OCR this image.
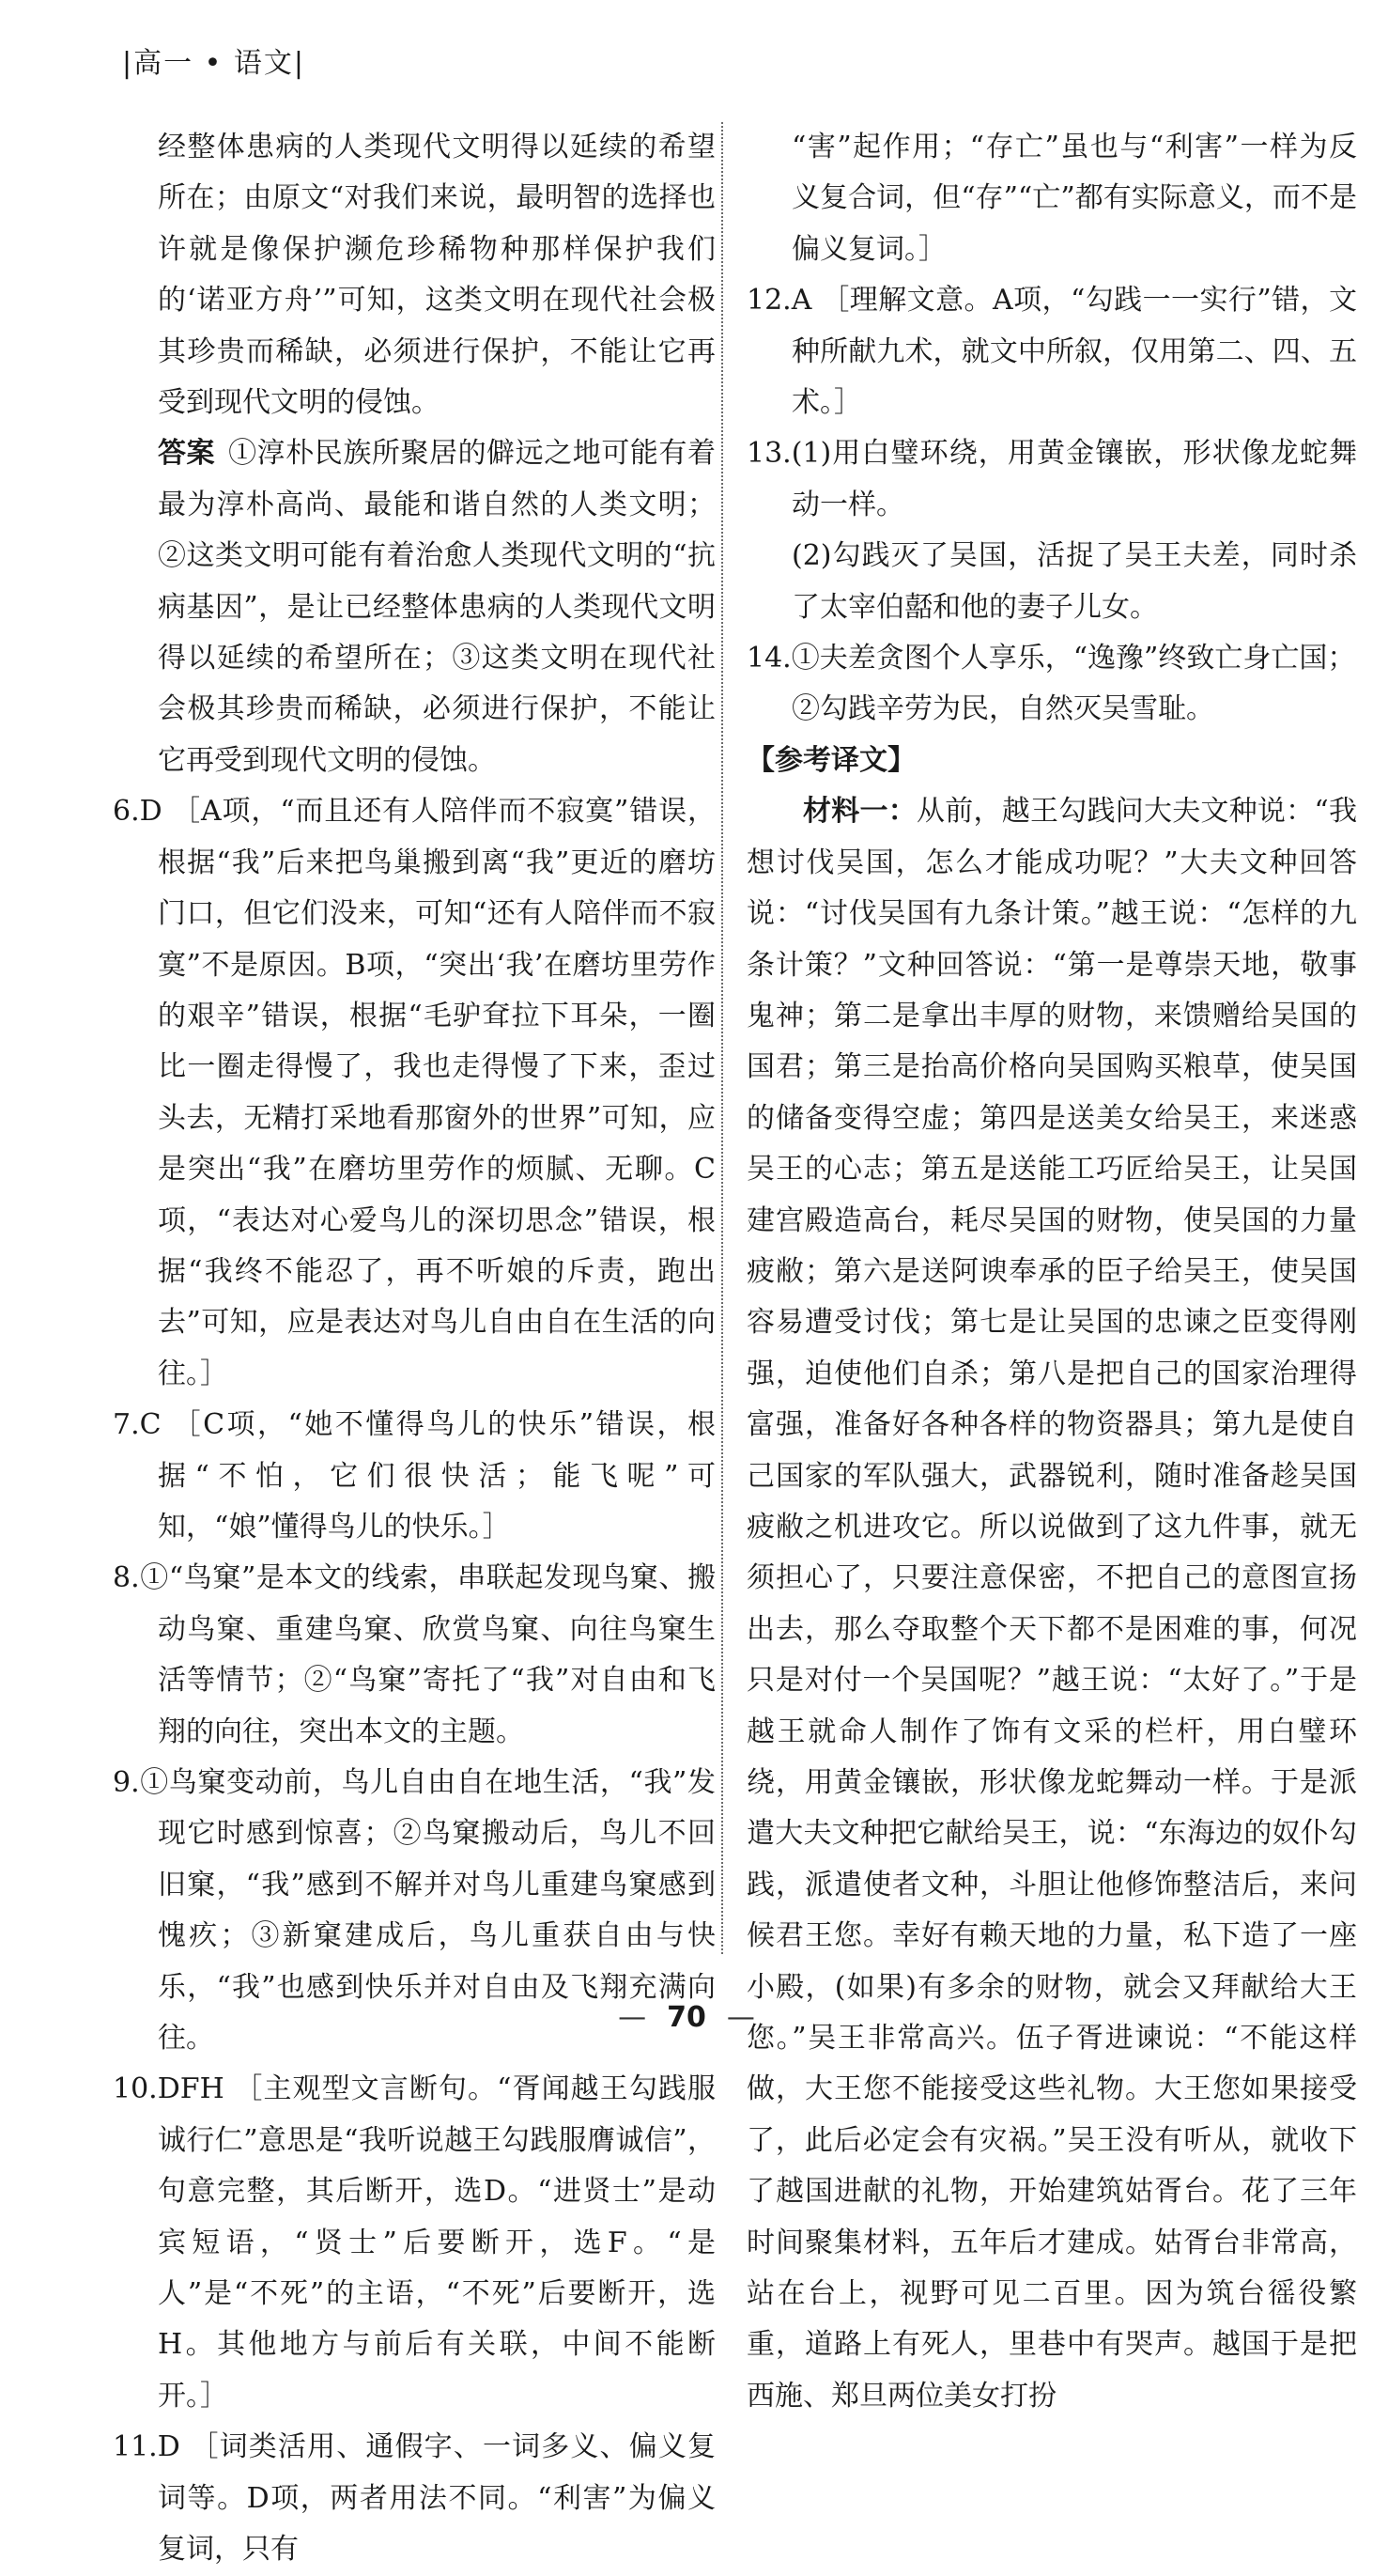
|高一 • 语文|

经整体患病的人类现代文明得以延续的希望所在；由原文“对我们来说，最明智的选择也许就是像保护濒危珍稀物种那样保护我们的‘诺亚方舟’”可知，这类文明在现代社会极其珍贵而稀缺，必须进行保护，不能让它再受到现代文明的侵蚀。

答案 ①淳朴民族所聚居的僻远之地可能有着最为淳朴高尚、最能和谐自然的人类文明；②这类文明可能有着治愈人类现代文明的“抗病基因”，是让已经整体患病的人类现代文明得以延续的希望所在；③这类文明在现代社会极其珍贵而稀缺，必须进行保护，不能让它再受到现代文明的侵蚀。

6.D ［A项，“而且还有人陪伴而不寂寞”错误，根据“我”后来把鸟巢搬到离“我”更近的磨坊门口，但它们没来，可知“还有人陪伴而不寂寞”不是原因。B项，“突出‘我’在磨坊里劳作的艰辛”错误，根据“毛驴耷拉下耳朵，一圈比一圈走得慢了，我也走得慢了下来，歪过头去，无精打采地看那窗外的世界”可知，应是突出“我”在磨坊里劳作的烦腻、无聊。C项，“表达对心爱鸟儿的深切思念”错误，根据“我终不能忍了，再不听娘的斥责，跑出去”可知，应是表达对鸟儿自由自在生活的向往。］

7.C ［C项，“她不懂得鸟儿的快乐”错误，根据“不怕，它们很快活；能飞呢”可知，“娘”懂得鸟儿的快乐。］

8.①“鸟窠”是本文的线索，串联起发现鸟窠、搬动鸟窠、重建鸟窠、欣赏鸟窠、向往鸟窠生活等情节；②“鸟窠”寄托了“我”对自由和飞翔的向往，突出本文的主题。

9.①鸟窠变动前，鸟儿自由自在地生活，“我”发现它时感到惊喜；②鸟窠搬动后，鸟儿不回旧窠，“我”感到不解并对鸟儿重建鸟窠感到愧疚；③新窠建成后，鸟儿重获自由与快乐，“我”也感到快乐并对自由及飞翔充满向往。

10.DFH ［主观型文言断句。“胥闻越王勾践服诚行仁”意思是“我听说越王勾践服膺诚信”，句意完整，其后断开，选D。“进贤士”是动宾短语，“贤士”后要断开，选F。“是人”是“不死”的主语，“不死”后要断开，选H。其他地方与前后有关联，中间不能断开。］

11.D ［词类活用、通假字、一词多义、偏义复词等。D项，两者用法不同。“利害”为偏义复词，只有

“害”起作用；“存亡”虽也与“利害”一样为反义复合词，但“存”“亡”都有实际意义，而不是偏义复词。］

12.A ［理解文意。A项，“勾践一一实行”错，文种所献九术，就文中所叙，仅用第二、四、五术。］

13.(1)用白璧环绕，用黄金镶嵌，形状像龙蛇舞动一样。

(2)勾践灭了吴国，活捉了吴王夫差，同时杀了太宰伯嚭和他的妻子儿女。

14.①夫差贪图个人享乐，“逸豫”终致亡身亡国；

②勾践辛劳为民，自然灭吴雪耻。

【参考译文】

材料一：从前，越王勾践问大夫文种说：“我想讨伐吴国，怎么才能成功呢？”大夫文种回答说：“讨伐吴国有九条计策。”越王说：“怎样的九条计策？”文种回答说：“第一是尊崇天地，敬事鬼神；第二是拿出丰厚的财物，来馈赠给吴国的国君；第三是抬高价格向吴国购买粮草，使吴国的储备变得空虚；第四是送美女给吴王，来迷惑吴王的心志；第五是送能工巧匠给吴王，让吴国建宫殿造高台，耗尽吴国的财物，使吴国的力量疲敝；第六是送阿谀奉承的臣子给吴王，使吴国容易遭受讨伐；第七是让吴国的忠谏之臣变得刚强，迫使他们自杀；第八是把自己的国家治理得富强，准备好各种各样的物资器具；第九是使自己国家的军队强大，武器锐利，随时准备趁吴国疲敝之机进攻它。所以说做到了这九件事，就无须担心了，只要注意保密，不把自己的意图宣扬出去，那么夺取整个天下都不是困难的事，何况只是对付一个吴国呢？”越王说：“太好了。”于是越王就命人制作了饰有文采的栏杆，用白璧环绕，用黄金镶嵌，形状像龙蛇舞动一样。于是派遣大夫文种把它献给吴王，说：“东海边的奴仆勾践，派遣使者文种，斗胆让他修饰整洁后，来问候君王您。幸好有赖天地的力量，私下造了一座小殿，(如果)有多余的财物，就会又拜献给大王您。”吴王非常高兴。伍子胥进谏说：“不能这样做，大王您不能接受这些礼物。大王您如果接受了，此后必定会有灾祸。”吴王没有听从，就收下了越国进献的礼物，开始建筑姑胥台。花了三年时间聚集材料，五年后才建成。姑胥台非常高，站在台上，视野可见二百里。因为筑台徭役繁重，道路上有死人，里巷中有哭声。越国于是把西施、郑旦两位美女打扮

— 70 —
